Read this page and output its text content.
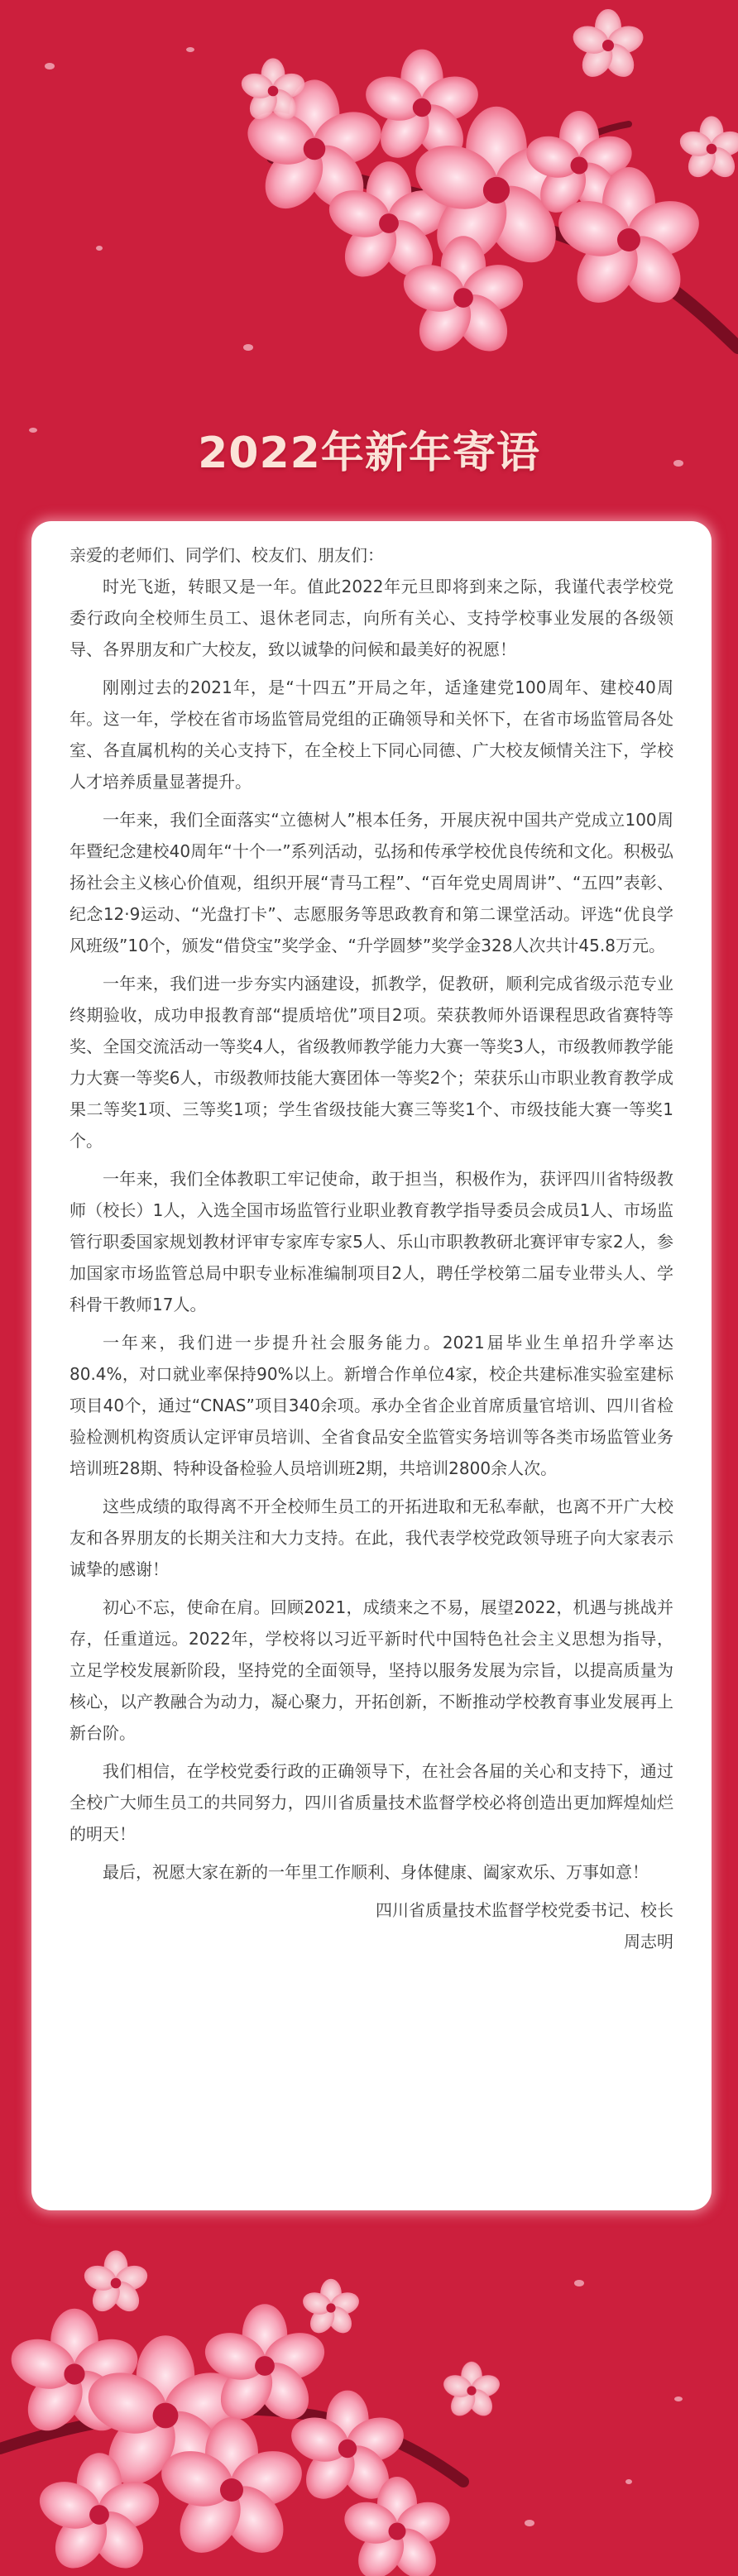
2022年新年寄语

亲爱的老师们、同学们、校友们、朋友们：

时光飞逝，转眼又是一年。值此2022年元旦即将到来之际，我谨代表学校党委行政向全校师生员工、退休老同志，向所有关心、支持学校事业发展的各级领导、各界朋友和广大校友，致以诚挚的问候和最美好的祝愿！

刚刚过去的2021年，是“十四五”开局之年，适逢建党100周年、建校40周年。这一年，学校在省市场监管局党组的正确领导和关怀下，在省市场监管局各处室、各直属机构的关心支持下，在全校上下同心同德、广大校友倾情关注下，学校人才培养质量显著提升。

一年来，我们全面落实“立德树人”根本任务，开展庆祝中国共产党成立100周年暨纪念建校40周年“十个一”系列活动，弘扬和传承学校优良传统和文化。积极弘扬社会主义核心价值观，组织开展“青马工程”、“百年党史周周讲”、“五四”表彰、纪念12·9运动、“光盘打卡”、志愿服务等思政教育和第二课堂活动。评选“优良学风班级”10个，颁发“借贷宝”奖学金、“升学圆梦”奖学金328人次共计45.8万元。

一年来，我们进一步夯实内涵建设，抓教学，促教研，顺利完成省级示范专业终期验收，成功申报教育部“提质培优”项目2项。荣获教师外语课程思政省赛特等奖、全国交流活动一等奖4人，省级教师教学能力大赛一等奖3人，市级教师教学能力大赛一等奖6人，市级教师技能大赛团体一等奖2个；荣获乐山市职业教育教学成果二等奖1项、三等奖1项；学生省级技能大赛三等奖1个、市级技能大赛一等奖1个。

一年来，我们全体教职工牢记使命，敢于担当，积极作为，获评四川省特级教师（校长）1人，入选全国市场监管行业职业教育教学指导委员会成员1人、市场监管行职委国家规划教材评审专家库专家5人、乐山市职教教研北赛评审专家2人，参加国家市场监管总局中职专业标准编制项目2人，聘任学校第二届专业带头人、学科骨干教师17人。

一年来，我们进一步提升社会服务能力。2021届毕业生单招升学率达80.4%，对口就业率保持90%以上。新增合作单位4家，校企共建标准实验室建标项目40个，通过“CNAS”项目340余项。承办全省企业首席质量官培训、四川省检验检测机构资质认定评审员培训、全省食品安全监管实务培训等各类市场监管业务培训班28期、特种设备检验人员培训班2期，共培训2800余人次。

这些成绩的取得离不开全校师生员工的开拓进取和无私奉献，也离不开广大校友和各界朋友的长期关注和大力支持。在此，我代表学校党政领导班子向大家表示诚挚的感谢！

初心不忘，使命在肩。回顾2021，成绩来之不易，展望2022，机遇与挑战并存，任重道远。2022年，学校将以习近平新时代中国特色社会主义思想为指导，立足学校发展新阶段，坚持党的全面领导，坚持以服务发展为宗旨，以提高质量为核心，以产教融合为动力，凝心聚力，开拓创新，不断推动学校教育事业发展再上新台阶。

我们相信，在学校党委行政的正确领导下，在社会各届的关心和支持下，通过全校广大师生员工的共同努力，四川省质量技术监督学校必将创造出更加辉煌灿烂的明天！

最后，祝愿大家在新的一年里工作顺利、身体健康、阖家欢乐、万事如意！

四川省质量技术监督学校党委书记、校长

周志明
